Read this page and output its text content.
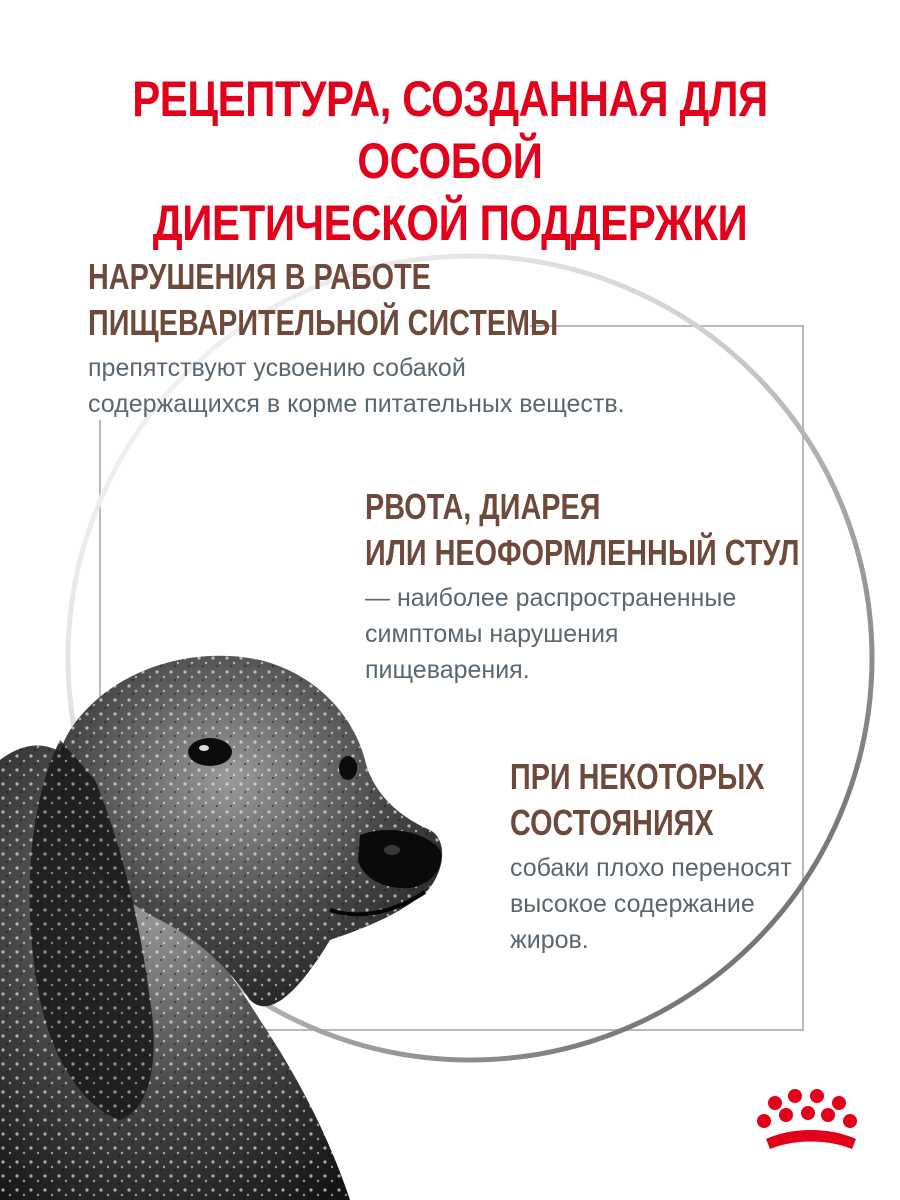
РЕЦЕПТУРА, СОЗДАННАЯ ДЛЯ ОСОБОЙ
ДИЕТИЧЕСКОЙ ПОДДЕРЖКИ
НАРУШЕНИЯ В РАБОТЕ
ПИЩЕВАРИТЕЛЬНОЙ СИСТЕМЫ

препятствуют усвоению собакой
содержащихся в корме питательных веществ.

РВОТА, ДИАРЕЯ
ИЛИ НЕОФОРМЛЕННЫЙ СТУЛ

— наиболее распространенные
симптомы нарушения
пищеварения.

ПРИ НЕКОТОРЫХ
СОСТОЯНИЯХ

собаки плохо переносят
высокое содержание
жиров.
